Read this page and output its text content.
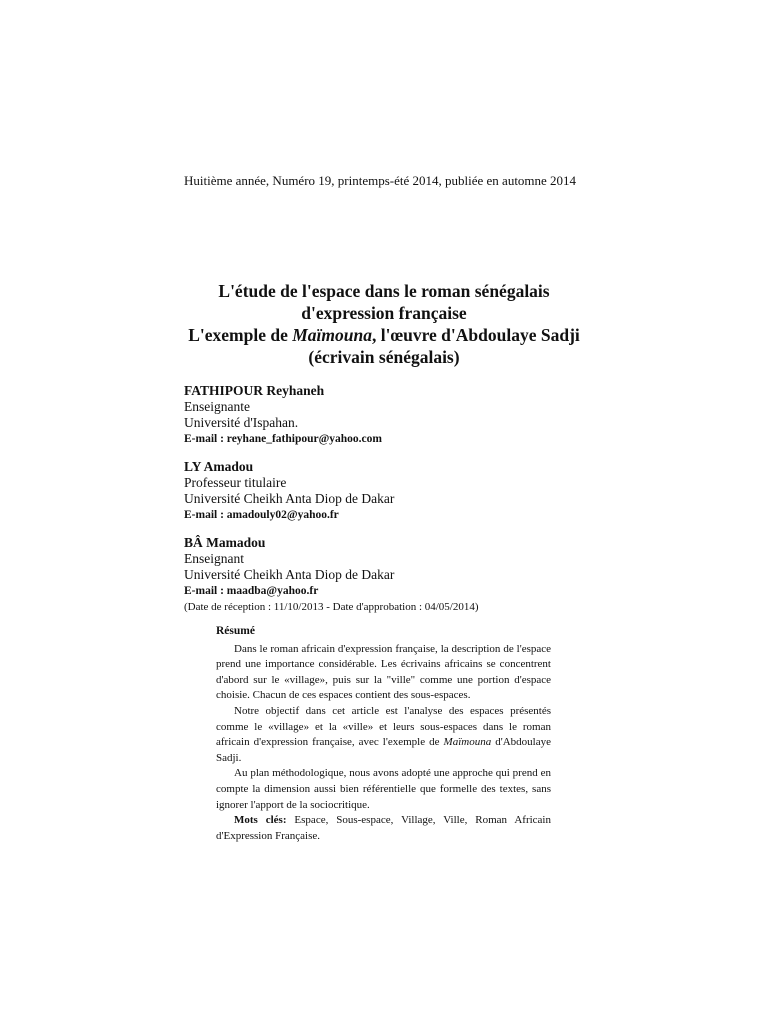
Huitième année, Numéro 19, printemps-été 2014, publiée en automne 2014
L'étude de l'espace dans le roman sénégalais
d'expression française
L'exemple de Maïmouna, l'œuvre d'Abdoulaye Sadji
(écrivain sénégalais)
FATHIPOUR Reyhaneh
Enseignante
Université d'Ispahan.
E-mail : reyhane_fathipour@yahoo.com
LY Amadou
Professeur titulaire
Université Cheikh Anta Diop de Dakar
E-mail : amadouly02@yahoo.fr
BÂ Mamadou
Enseignant
Université Cheikh Anta Diop de Dakar
E-mail : maadba@yahoo.fr
(Date de réception : 11/10/2013 - Date d'approbation : 04/05/2014)
Résumé

Dans le roman africain d'expression française, la description de l'espace prend une importance considérable. Les écrivains africains se concentrent d'abord sur le «village», puis sur la "ville" comme une portion d'espace choisie. Chacun de ces espaces contient des sous-espaces.

Notre objectif dans cet article est l'analyse des espaces présentés comme le «village» et la «ville» et leurs sous-espaces dans le roman africain d'expression française, avec l'exemple de Maïmouna d'Abdoulaye Sadji.

Au plan méthodologique, nous avons adopté une approche qui prend en compte la dimension aussi bien référentielle que formelle des textes, sans ignorer l'apport de la sociocritique.

Mots clés: Espace, Sous-espace, Village, Ville, Roman Africain d'Expression Française.
